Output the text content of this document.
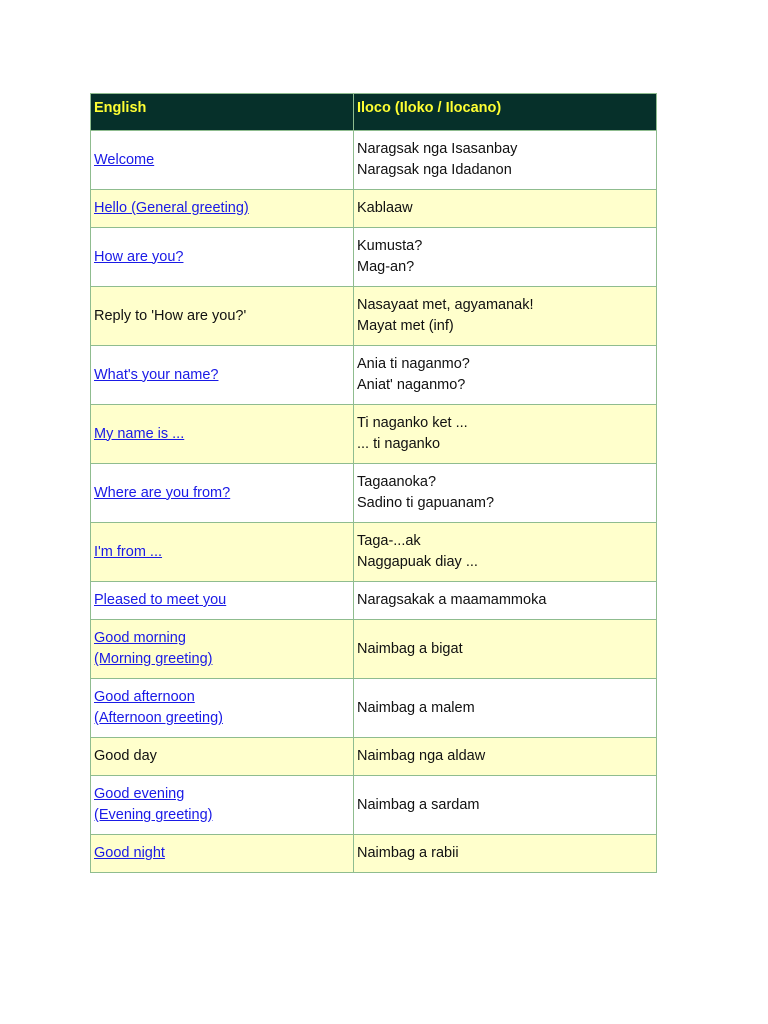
English	Iloco (Iloko / Ilocano)

Welcome	Naragsak nga Isasanbay
Naragsak nga Idadanon

Hello (General greeting)	Kablaaw

How are you?	Kumusta?
Mag-an?

Reply to 'How are you?'	Nasayaat met, agyamanak!
Mayat met (inf)

What's your name?	Ania ti naganmo?
Aniat' naganmo?

My name is ...	Ti naganko ket ...
... ti naganko

Where are you from?	Tagaanoka?
Sadino ti gapuanam?

I'm from ...	Taga-...ak
Naggapuak diay ...

Pleased to meet you	Naragsakak a maamammoka

Good morning
(Morning greeting)	Naimbag a bigat

Good afternoon
(Afternoon greeting)	Naimbag a malem

Good day	Naimbag nga aldaw

Good evening
(Evening greeting)	Naimbag a sardam

Good night	Naimbag a rabii
